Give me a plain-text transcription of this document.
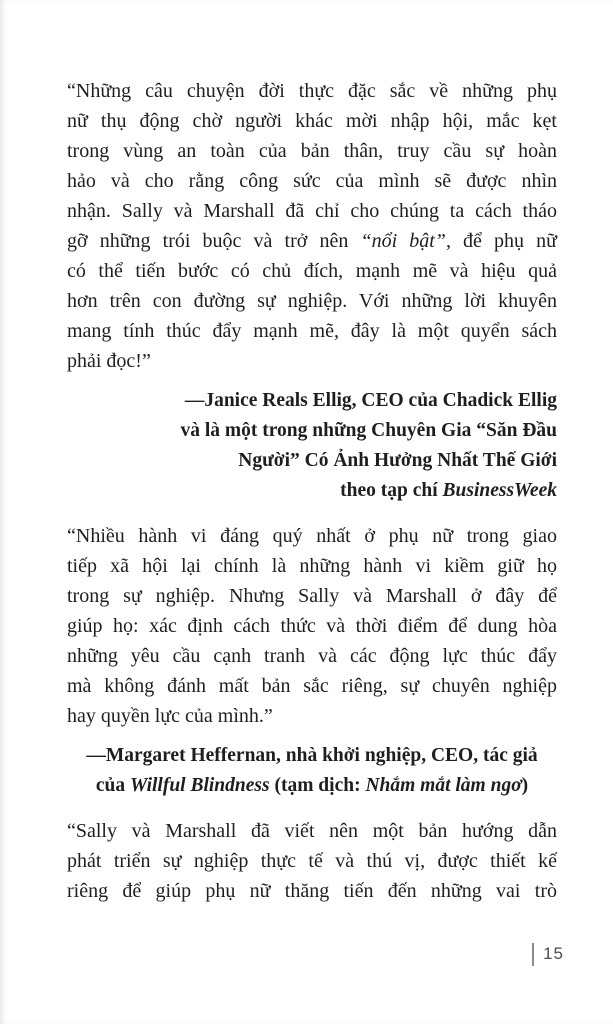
“Những câu chuyện đời thực đặc sắc về những phụ
nữ thụ động chờ người khác mời nhập hội, mắc kẹt
trong vùng an toàn của bản thân, truy cầu sự hoàn
hảo và cho rằng công sức của mình sẽ được nhìn
nhận. Sally và Marshall đã chỉ cho chúng ta cách tháo
gỡ những trói buộc và trở nên “nổi bật”, để phụ nữ
có thể tiến bước có chủ đích, mạnh mẽ và hiệu quả
hơn trên con đường sự nghiệp. Với những lời khuyên
mang tính thúc đẩy mạnh mẽ, đây là một quyển sách
phải đọc!”
—Janice Reals Ellig, CEO của Chadick Ellig
và là một trong những Chuyên Gia “Săn Đầu
Người” Có Ảnh Hưởng Nhất Thế Giới
theo tạp chí BusinessWeek
“Nhiều hành vi đáng quý nhất ở phụ nữ trong giao
tiếp xã hội lại chính là những hành vi kiềm giữ họ
trong sự nghiệp. Nhưng Sally và Marshall ở đây để
giúp họ: xác định cách thức và thời điểm để dung hòa
những yêu cầu cạnh tranh và các động lực thúc đẩy
mà không đánh mất bản sắc riêng, sự chuyên nghiệp
hay quyền lực của mình.”
—Margaret Heffernan, nhà khởi nghiệp, CEO, tác giả
của Willful Blindness (tạm dịch: Nhắm mắt làm ngơ)
“Sally và Marshall đã viết nên một bản hướng dẫn
phát triển sự nghiệp thực tế và thú vị, được thiết kế
riêng để giúp phụ nữ thăng tiến đến những vai trò
15
